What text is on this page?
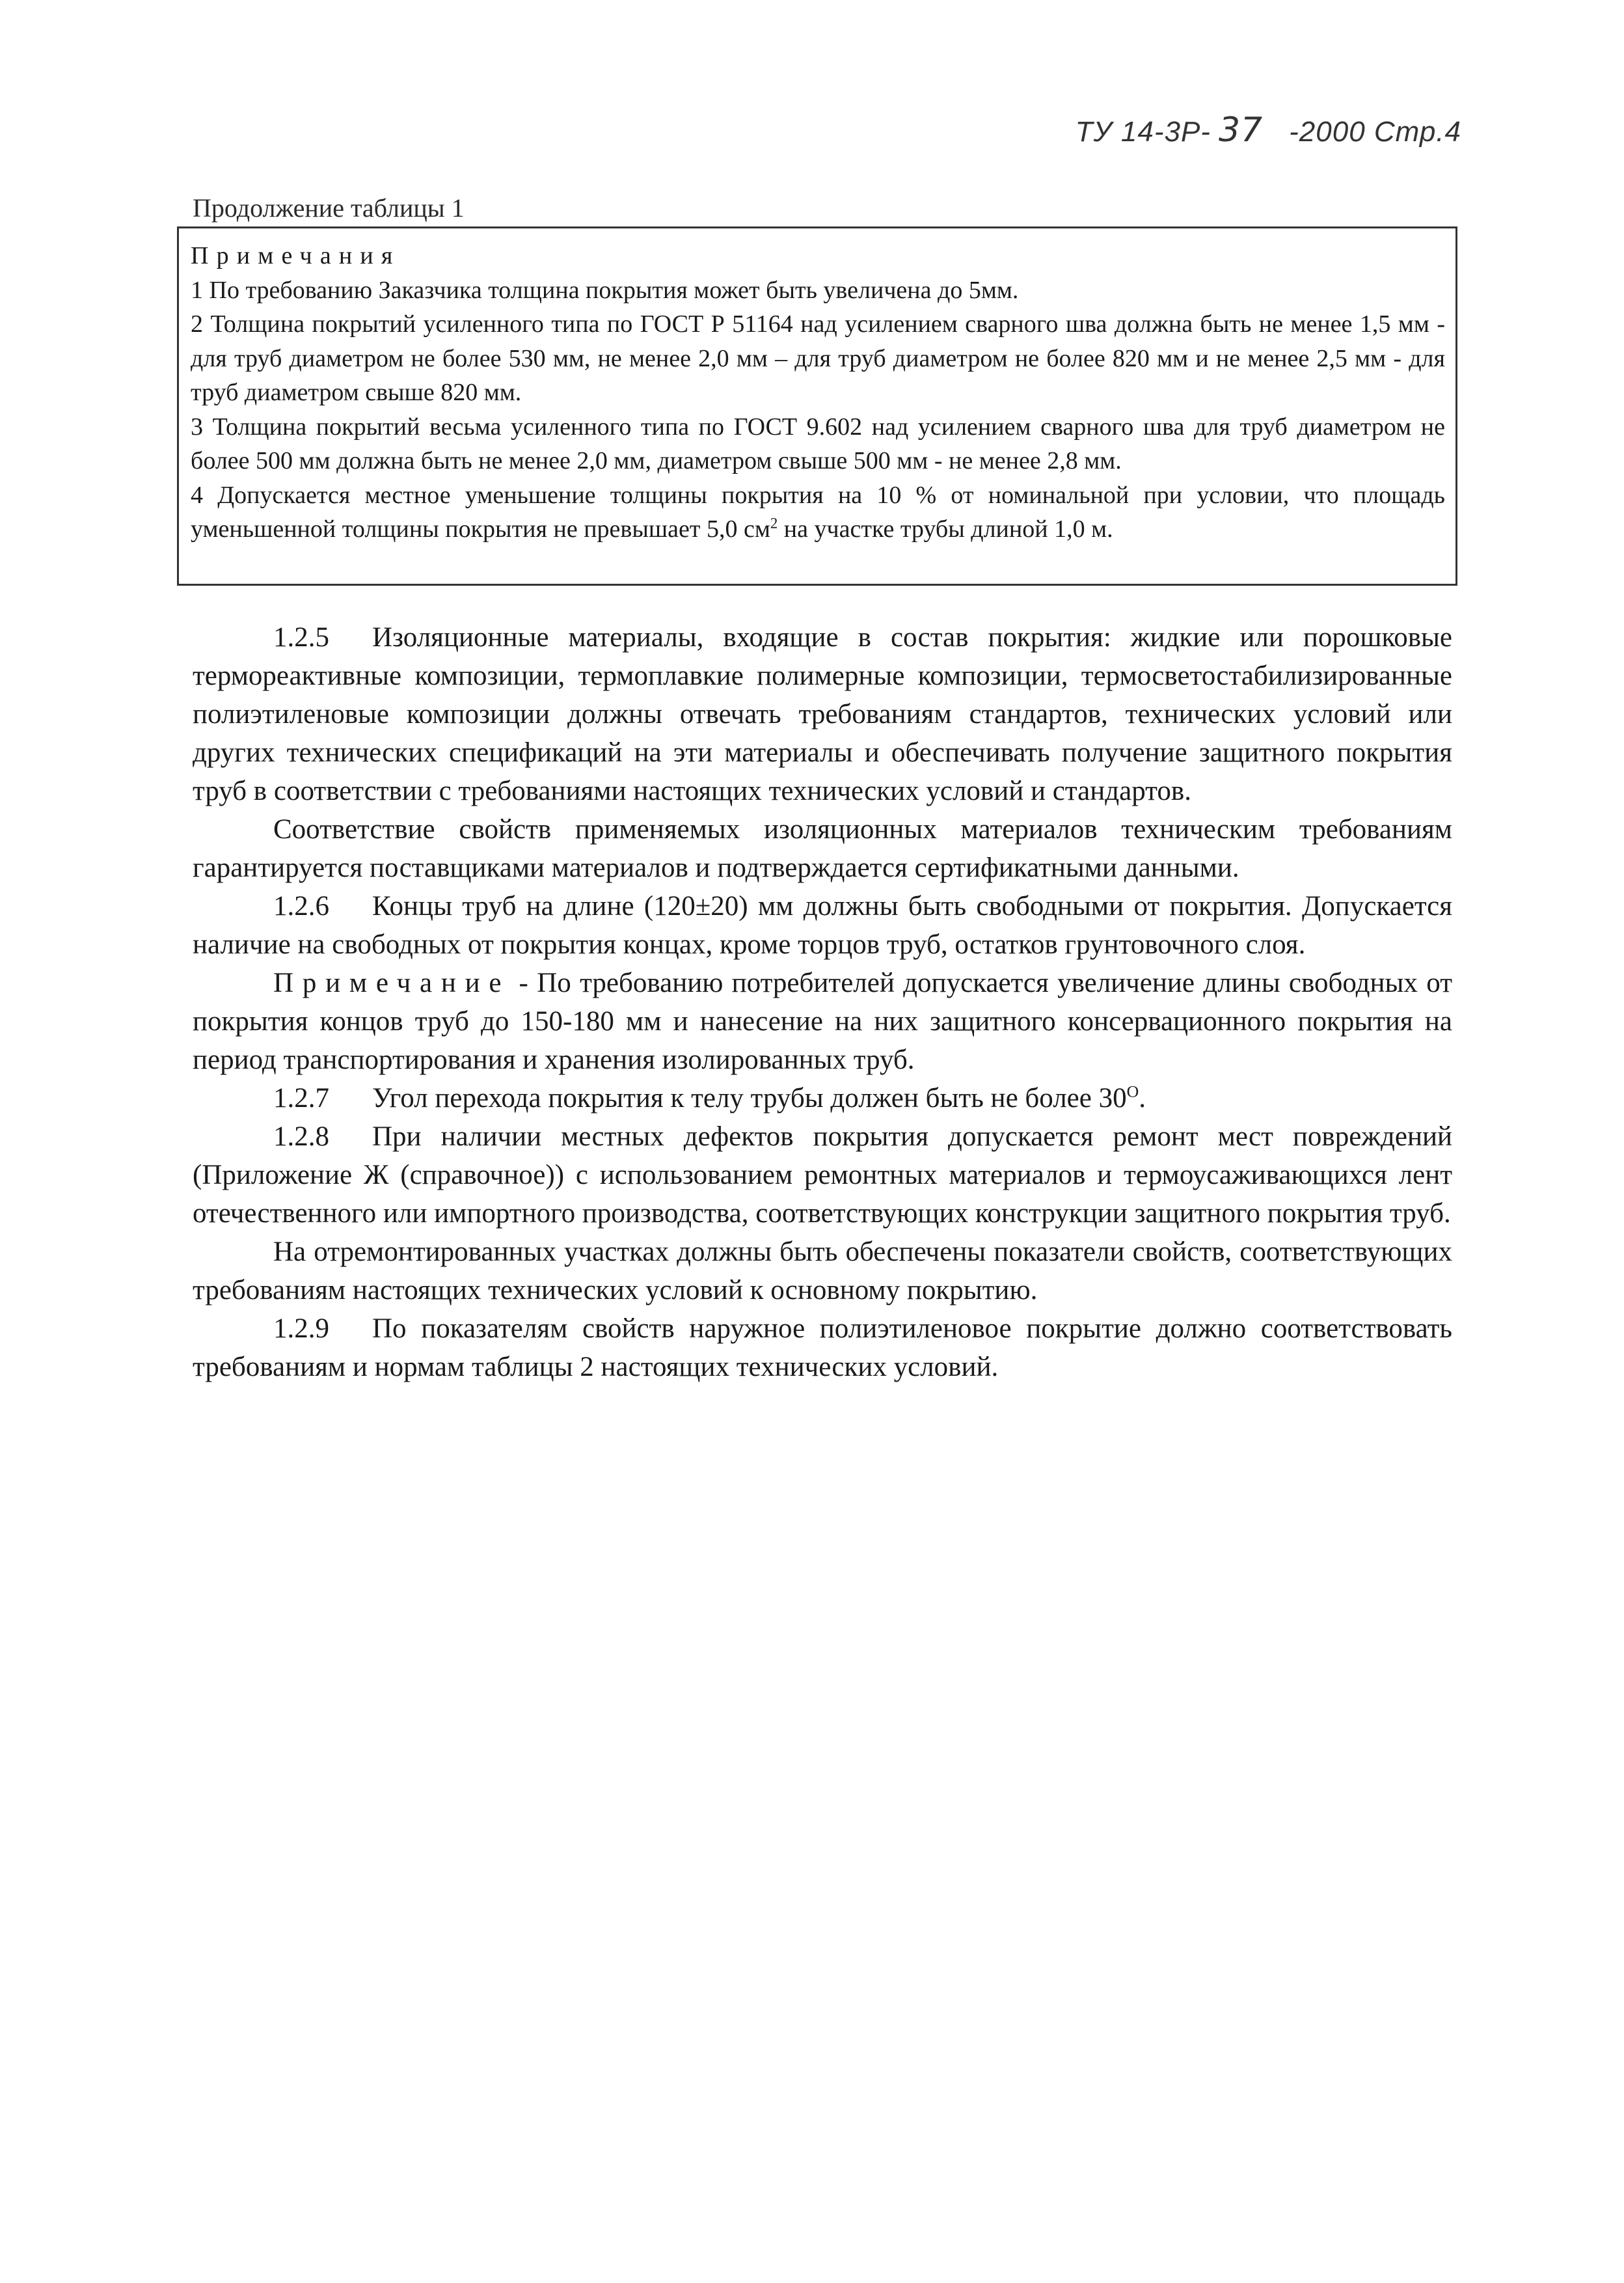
ТУ 14-3Р- 37 -2000 Стр.4
Продолжение таблицы 1

Примечания

1 По требованию Заказчика толщина покрытия может быть увеличена до 5мм.

2 Толщина покрытий усиленного типа по ГОСТ Р 51164 над усилением сварного шва должна быть не менее 1,5 мм - для труб диаметром не более 530 мм, не менее 2,0 мм – для труб диаметром не более 820 мм и не менее 2,5 мм - для труб диаметром свыше 820 мм.

3 Толщина покрытий весьма усиленного типа по ГОСТ 9.602 над усилением сварного шва для труб диаметром не более 500 мм должна быть не менее 2,0 мм, диаметром свыше 500 мм - не менее 2,8 мм.

4 Допускается местное уменьшение толщины покрытия на 10 % от номинальной при условии, что площадь уменьшенной толщины покрытия не превышает 5,0 $см^2$ на участке трубы длиной 1,0 м.

1.2.5 Изоляционные материалы, входящие в состав покрытия: жидкие или порошковые термореактивные композиции, термоплавкие полимерные композиции, термосветостабилизированные полиэтиленовые композиции должны отвечать требованиям стандартов, технических условий или других технических спецификаций на эти материалы и обеспечивать получение защитного покрытия труб в соответствии с требованиями настоящих технических условий и стандартов.

Соответствие свойств применяемых изоляционных материалов техническим требованиям гарантируется поставщиками материалов и подтверждается сертификатными данными.

1.2.6 Концы труб на длине (120±20) мм должны быть свободными от покрытия. Допускается наличие на свободных от покрытия концах, кроме торцов труб, остатков грунтовочного слоя.

Примечание - По требованию потребителей допускается увеличение длины свободных от покрытия концов труб до 150-180 мм и нанесение на них защитного консервационного покрытия на период транспортирования и хранения изолированных труб.

1.2.7 Угол перехода покрытия к телу трубы должен быть не более $30^O$.

1.2.8 При наличии местных дефектов покрытия допускается ремонт мест повреждений (Приложение Ж (справочное)) с использованием ремонтных материалов и термоусаживающихся лент отечественного или импортного производства, соответствующих конструкции защитного покрытия труб.

На отремонтированных участках должны быть обеспечены показатели свойств, соответствующих требованиям настоящих технических условий к основному покрытию.

1.2.9 По показателям свойств наружное полиэтиленовое покрытие должно соответствовать требованиям и нормам таблицы 2 настоящих технических условий.
